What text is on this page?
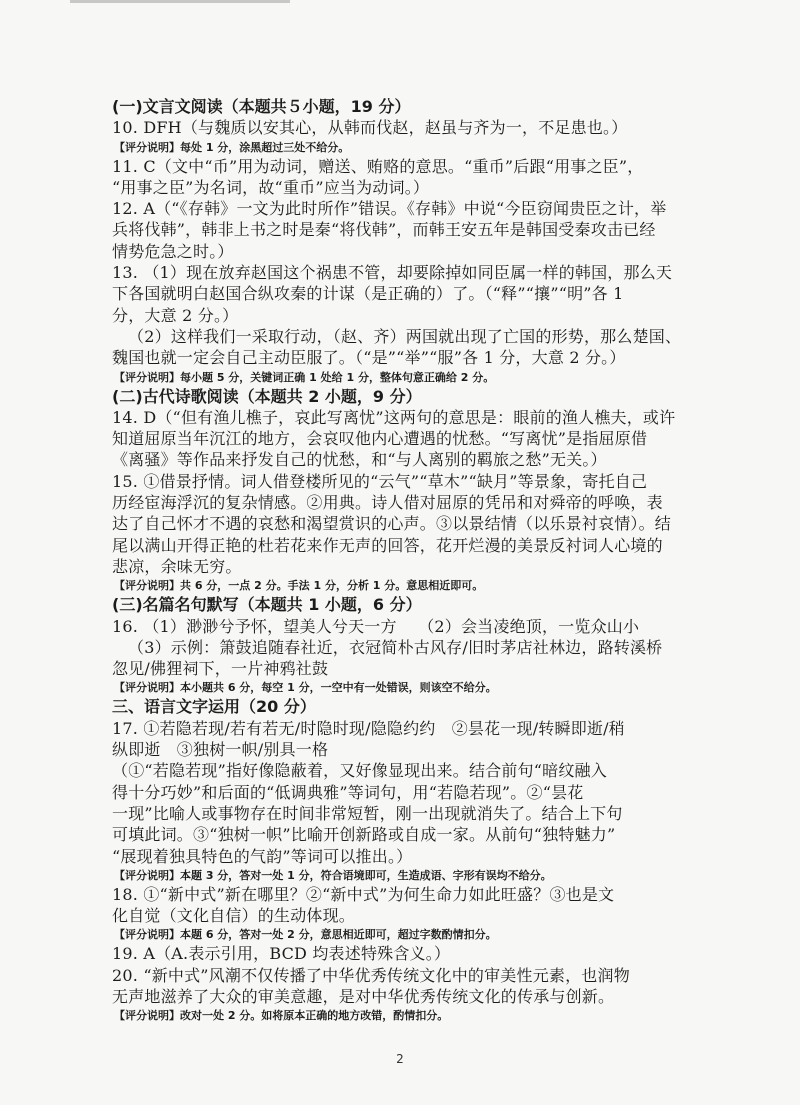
(一)文言文阅读（本题共５小题，19 分）
10. DFH（与魏质以安其心，从韩而伐赵，赵虽与齐为一，不足患也。）
【评分说明】每处 1 分，涂黑超过三处不给分。
11. C（文中“币”用为动词，赠送、贿赂的意思。“重币”后跟“用事之臣”，
“用事之臣”为名词，故“重币”应当为动词。）
12. A（“《存韩》一文为此时所作”错误。《存韩》中说“今臣窃闻贵臣之计，举
兵将伐韩”，韩非上书之时是秦“将伐韩”，而韩王安五年是韩国受秦攻击已经
情势危急之时。）
13. （1）现在放弃赵国这个祸患不管，却要除掉如同臣属一样的韩国，那么天
下各国就明白赵国合纵攻秦的计谋（是正确的）了。（“释”“攘”“明”各 1
分，大意 2 分。）
（2）这样我们一采取行动，（赵、齐）两国就出现了亡国的形势，那么楚国、
魏国也就一定会自己主动臣服了。（“是”“举”“服”各 1 分，大意 2 分。）
【评分说明】每小题 5 分，关键词正确 1 处给 1 分，整体句意正确给 2 分。
(二)古代诗歌阅读（本题共 2 小题，9 分）
14. D（“但有渔儿樵子，哀此写离忧”这两句的意思是：眼前的渔人樵夫，或许
知道屈原当年沉江的地方，会哀叹他内心遭遇的忧愁。“写离忧”是指屈原借
《离骚》等作品来抒发自己的忧愁，和“与人离别的羁旅之愁”无关。）
15. ①借景抒情。词人借登楼所见的“云气”“草木”“缺月”等景象，寄托自己
历经宦海浮沉的复杂情感。②用典。诗人借对屈原的凭吊和对舜帝的呼唤，表
达了自己怀才不遇的哀愁和渴望赏识的心声。③以景结情（以乐景衬哀情）。结
尾以满山开得正艳的杜若花来作无声的回答，花开烂漫的美景反衬词人心境的
悲凉，余味无穷。
【评分说明】共 6 分，一点 2 分。手法 1 分，分析 1 分。意思相近即可。
(三)名篇名句默写（本题共 1 小题，6 分）
16. （1）渺渺兮予怀，望美人兮天一方　 （2）会当凌绝顶，一览众山小
（3）示例：箫鼓追随春社近，衣冠简朴古风存/旧时茅店社林边，路转溪桥
忽见/佛狸祠下，一片神鸦社鼓
【评分说明】本小题共 6 分，每空 1 分，一空中有一处错误，则该空不给分。
三、语言文字运用（20 分）
17. ①若隐若现/若有若无/时隐时现/隐隐约约　②昙花一现/转瞬即逝/稍
纵即逝　③独树一帜/别具一格
（①“若隐若现”指好像隐蔽着，又好像显现出来。结合前句“暗纹融入
得十分巧妙”和后面的“低调典雅”等词句，用“若隐若现”。②“昙花
一现”比喻人或事物存在时间非常短暂，刚一出现就消失了。结合上下句
可填此词。③“独树一帜”比喻开创新路或自成一家。从前句“独特魅力”
“展现着独具特色的气韵”等词可以推出。）
【评分说明】本题 3 分，答对一处 1 分，符合语境即可，生造成语、字形有误均不给分。
18. ①“新中式”新在哪里？②“新中式”为何生命力如此旺盛？③也是文
化自觉（文化自信）的生动体现。
【评分说明】本题 6 分，答对一处 2 分，意思相近即可，超过字数酌情扣分。
19. A（A.表示引用，BCD 均表述特殊含义。）
20. “新中式”风潮不仅传播了中华优秀传统文化中的审美性元素，也润物
无声地滋养了大众的审美意趣，是对中华优秀传统文化的传承与创新。
【评分说明】改对一处 2 分。如将原本正确的地方改错，酌情扣分。
2
